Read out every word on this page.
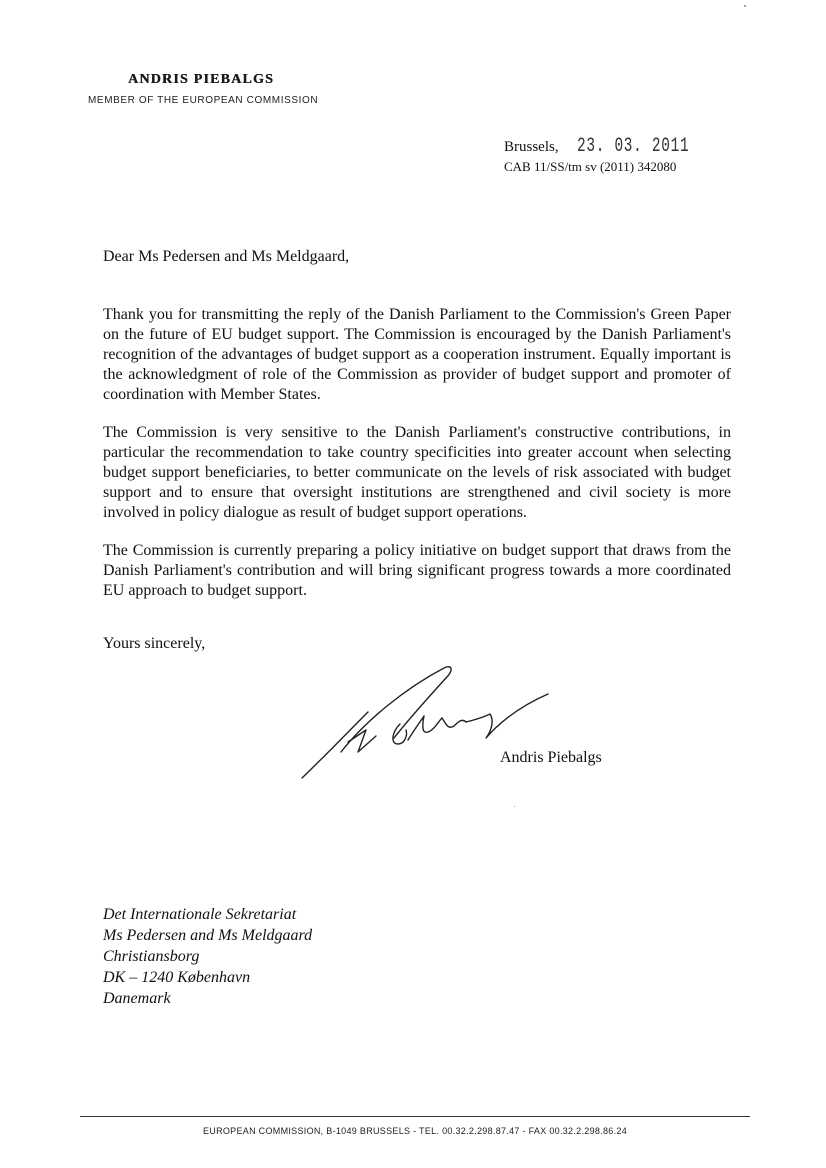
ANDRIS PIEBALGS
MEMBER OF THE EUROPEAN COMMISSION
Brussels, 23. 03. 2011
CAB 11/SS/tm sv (2011) 342080
Dear Ms Pedersen and Ms Meldgaard,

Thank you for transmitting the reply of the Danish Parliament to the Commission's Green Paper on the future of EU budget support. The Commission is encouraged by the Danish Parliament's recognition of the advantages of budget support as a cooperation instrument. Equally important is the acknowledgment of role of the Commission as provider of budget support and promoter of coordination with Member States.

The Commission is very sensitive to the Danish Parliament's constructive contributions, in particular the recommendation to take country specificities into greater account when selecting budget support beneficiaries, to better communicate on the levels of risk associated with budget support and to ensure that oversight institutions are strengthened and civil society is more involved in policy dialogue as result of budget support operations.

The Commission is currently preparing a policy initiative on budget support that draws from the Danish Parliament's contribution and will bring significant progress towards a more coordinated EU approach to budget support.

Yours sincerely,
Andris Piebalgs
Det Internationale Sekretariat
Ms Pedersen and Ms Meldgaard
Christiansborg
DK – 1240 København
Danemark
EUROPEAN COMMISSION, B-1049 BRUSSELS - TEL. 00.32.2.298.87.47 - FAX 00.32.2.298.86.24
